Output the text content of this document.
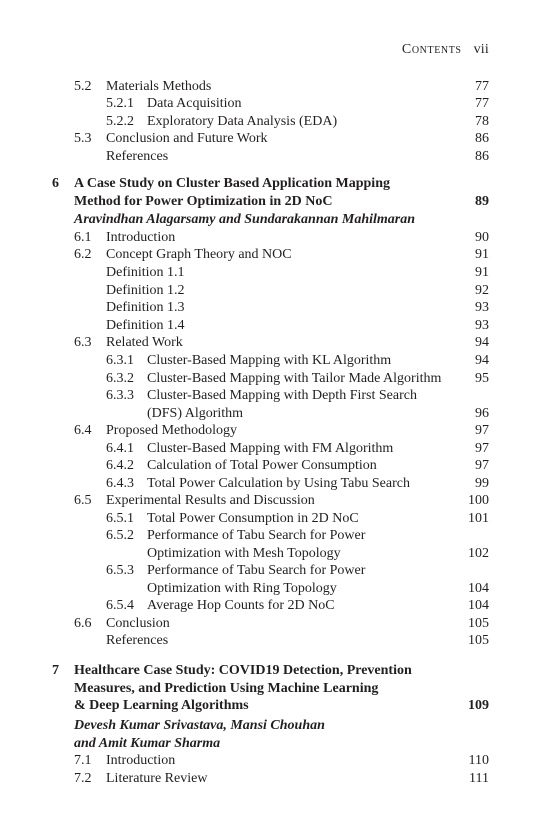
Contents vii
5.2 Materials Methods	77
5.2.1 Data Acquisition	77
5.2.2 Exploratory Data Analysis (EDA)	78
5.3 Conclusion and Future Work	86
References	86
6 A Case Study on Cluster Based Application Mapping
Method for Power Optimization in 2D NoC	89
Aravindhan Alagarsamy and Sundarakannan Mahilmaran
6.1 Introduction	90
6.2 Concept Graph Theory and NOC	91
Definition 1.1	91
Definition 1.2	92
Definition 1.3	93
Definition 1.4	93
6.3 Related Work	94
6.3.1 Cluster-Based Mapping with KL Algorithm	94
6.3.2 Cluster-Based Mapping with Tailor Made Algorithm 95
6.3.3 Cluster-Based Mapping with Depth First Search
(DFS) Algorithm	96
6.4 Proposed Methodology	97
6.4.1 Cluster-Based Mapping with FM Algorithm	97
6.4.2 Calculation of Total Power Consumption	97
6.4.3 Total Power Calculation by Using Tabu Search	99
6.5 Experimental Results and Discussion	100
6.5.1 Total Power Consumption in 2D NoC	101
6.5.2 Performance of Tabu Search for Power
Optimization with Mesh Topology	102
6.5.3 Performance of Tabu Search for Power
Optimization with Ring Topology	104
6.5.4 Average Hop Counts for 2D NoC	104
6.6 Conclusion	105
References	105
7 Healthcare Case Study: COVID19 Detection, Prevention
Measures, and Prediction Using Machine Learning
& Deep Learning Algorithms	109
Devesh Kumar Srivastava, Mansi Chouhan
and Amit Kumar Sharma
7.1 Introduction	110
7.2 Literature Review	111
